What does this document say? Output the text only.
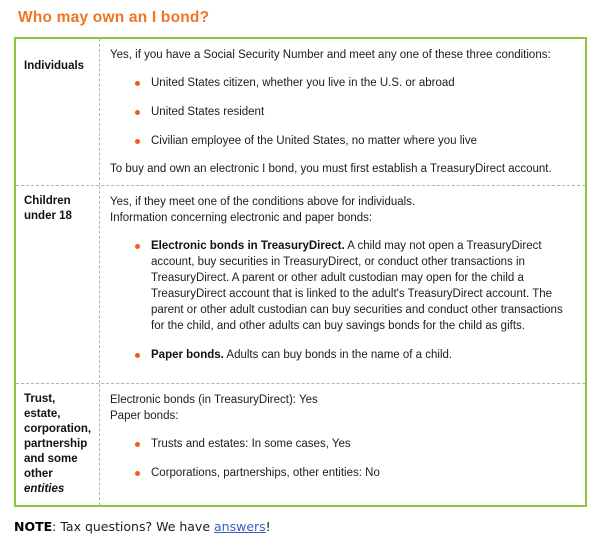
Who may own an I bond?
Individuals

Yes, if you have a Social Security Number and meet any one of these three conditions:

United States citizen, whether you live in the U.S. or abroad
United States resident
Civilian employee of the United States, no matter where you live

To buy and own an electronic I bond, you must first establish a TreasuryDirect account.

Children under 18
Yes, if they meet one of the conditions above for individuals.
Information concerning electronic and paper bonds:
Electronic bonds in TreasuryDirect. A child may not open a TreasuryDirect account, buy securities in TreasuryDirect, or conduct other transactions in TreasuryDirect. A parent or other adult custodian may open for the child a TreasuryDirect account that is linked to the adult's TreasuryDirect account. The parent or other adult custodian can buy securities and conduct other transactions for the child, and other adults can buy savings bonds for the child as gifts.
Paper bonds. Adults can buy bonds in the name of a child.
Trust, estate, corporation, partnership and some other entities
Electronic bonds (in TreasuryDirect): Yes
Paper bonds:
Trusts and estates: In some cases, Yes
Corporations, partnerships, other entities: No

NOTE: Tax questions? We have answers!
